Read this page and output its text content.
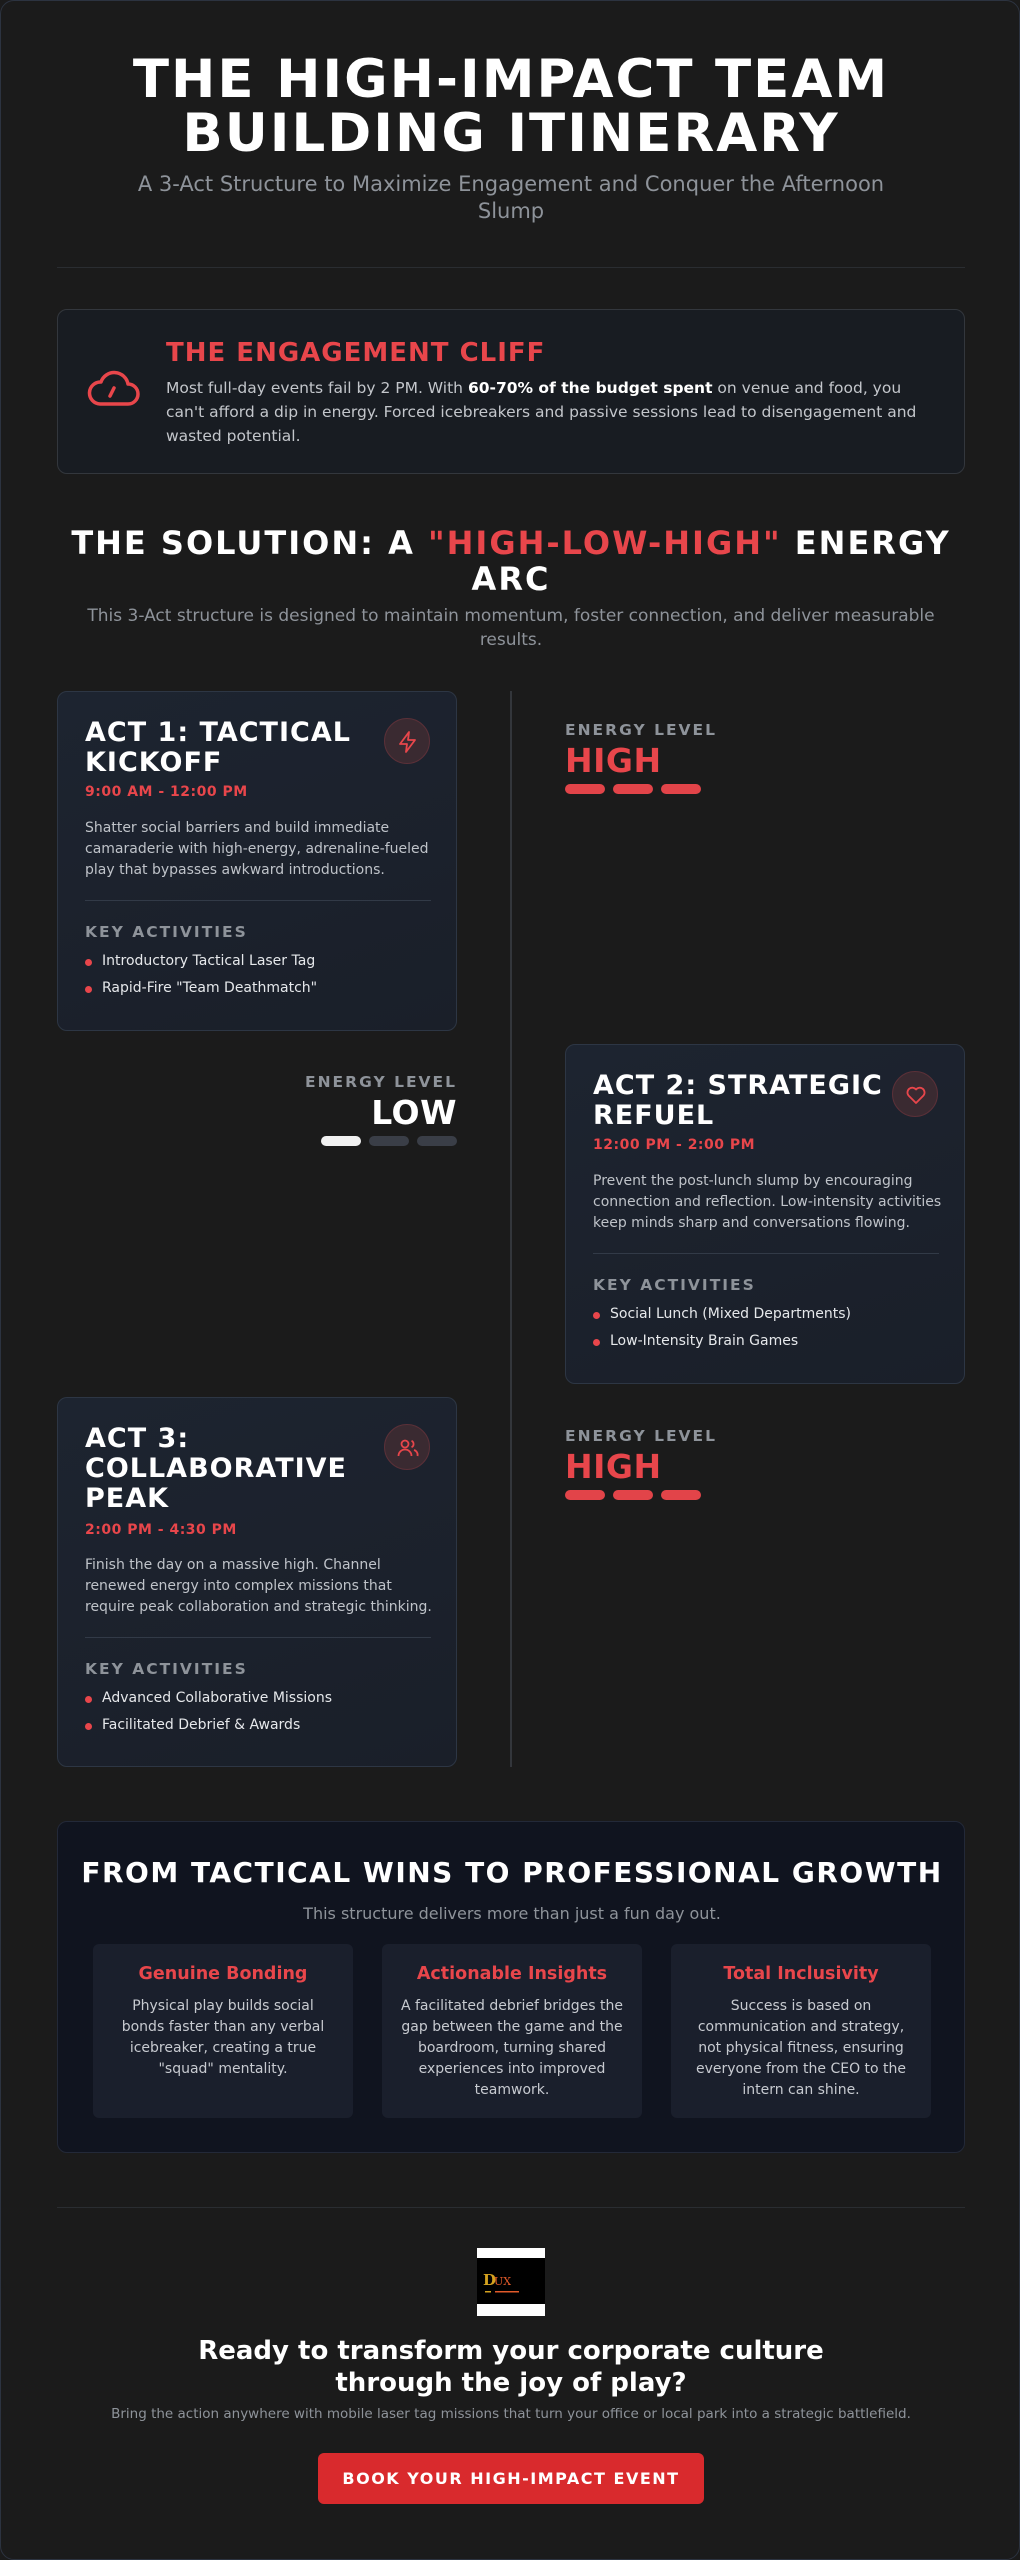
THE HIGH-IMPACT TEAM BUILDING ITINERARY

A 3-Act Structure to Maximize Engagement and Conquer the Afternoon Slump

THE ENGAGEMENT CLIFF

Most full-day events fail by 2 PM. With 60-70% of the budget spent on venue and food, you can't afford a dip in energy. Forced icebreakers and passive sessions lead to disengagement and wasted potential.

THE SOLUTION: A "HIGH-LOW-HIGH" ENERGY ARC

This 3-Act structure is designed to maintain momentum, foster connection, and deliver measurable results.

ACT 1: TACTICAL KICKOFF
9:00 AM - 12:00 PM

Shatter social barriers and build immediate camaraderie with high-energy, adrenaline-fueled play that bypasses awkward introductions.

KEY ACTIVITIES
Introductory Tactical Laser Tag
Rapid-Fire "Team Deathmatch"
ENERGY LEVEL
HIGH
ENERGY LEVEL
LOW
ACT 2: STRATEGIC REFUEL
12:00 PM - 2:00 PM

Prevent the post-lunch slump by encouraging connection and reflection. Low-intensity activities keep minds sharp and conversations flowing.

KEY ACTIVITIES
Social Lunch (Mixed Departments)
Low-Intensity Brain Games
ACT 3: COLLABORATIVE PEAK
2:00 PM - 4:30 PM

Finish the day on a massive high. Channel renewed energy into complex missions that require peak collaboration and strategic thinking.

KEY ACTIVITIES
Advanced Collaborative Missions
Facilitated Debrief & Awards
ENERGY LEVEL
HIGH
FROM TACTICAL WINS TO PROFESSIONAL GROWTH

This structure delivers more than just a fun day out.

Genuine Bonding
Physical play builds social bonds faster than any verbal icebreaker, creating a true "squad" mentality.
Actionable Insights
A facilitated debrief bridges the gap between the game and the boardroom, turning shared experiences into improved teamwork.
Total Inclusivity
Success is based on communication and strategy, not physical fitness, ensuring everyone from the CEO to the intern can shine.
D
UX
Ready to transform your corporate culture through the joy of play?

Bring the action anywhere with mobile laser tag missions that turn your office or local park into a strategic battlefield.

BOOK YOUR HIGH-IMPACT EVENT
